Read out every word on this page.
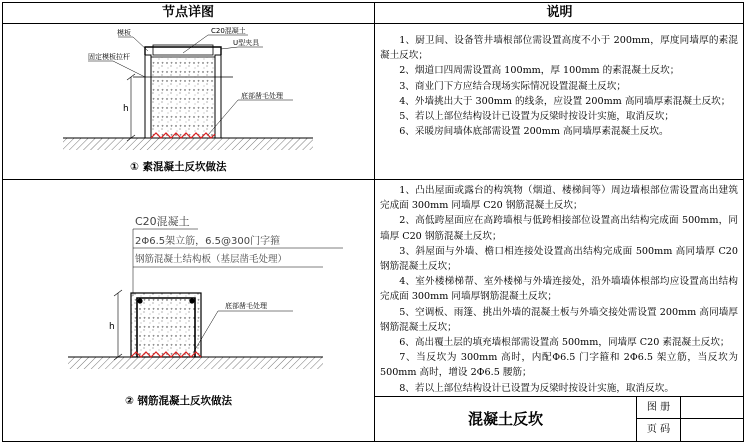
节点详图	说明
h
模板	C20混凝土
U型夹具
固定模板拉杆
底部凿毛处理
① 素混凝土反坎做法

1、厨卫间、设备管井墙根部位需设置高度不小于 200mm，厚度同墙厚的素混凝土反坎；

2、烟道口四周需设置高 100mm，厚 100mm 的素混凝土反坎；

3、商业门下方应结合现场实际情况设置混凝土反坎；

4、外墙挑出大于 300mm 的线条，应设置 200mm 高同墙厚素混凝土反坎；

5、若以上部位结构设计已设置为反梁时按设计实施，取消反坎；

6、采暖房间墙体底部需设置 200mm 高同墙厚素混凝土反坎。

C20混凝土
2Φ6.5架立筋，6.5@300门字箍
钢筋混凝土结构板（基层凿毛处理）
h
底部凿毛处理
② 钢筋混凝土反坎做法

1、凸出屋面或露台的构筑物（烟道、楼梯间等）周边墙根部位需设置高出建筑完成面 300mm 同墙厚 C20 钢筋混凝土反坎；

2、高低跨屋面应在高跨墙根与低跨相接部位设置高出结构完成面 500mm，同墙厚 C20 钢筋混凝土反坎；

3、斜屋面与外墙、檐口相连接处设置高出结构完成面 500mm 高同墙厚 C20 钢筋混凝土反坎；

4、室外楼梯梯帮、室外楼梯与外墙连接处，沿外墙墙体根部均应设置高出结构完成面 300mm 同墙厚钢筋混凝土反坎；

5、空调板、雨篷、挑出外墙的混凝土板与外墙交接处需设置 200mm 高同墙厚钢筋混凝土反坎；

6、高出覆土层的填充墙根部需设置高 500mm，同墙厚 C20 素混凝土反坎；

7、当反坎为 300mm 高时，内配Φ6.5 门字箍和 2Φ6.5 架立筋，当反坎为 500mm 高时，增设 2Φ6.5 腰筋；

8、若以上部位结构设计已设置为反梁时按设计实施，取消反坎。

混凝土反坎
图 册
页 码
